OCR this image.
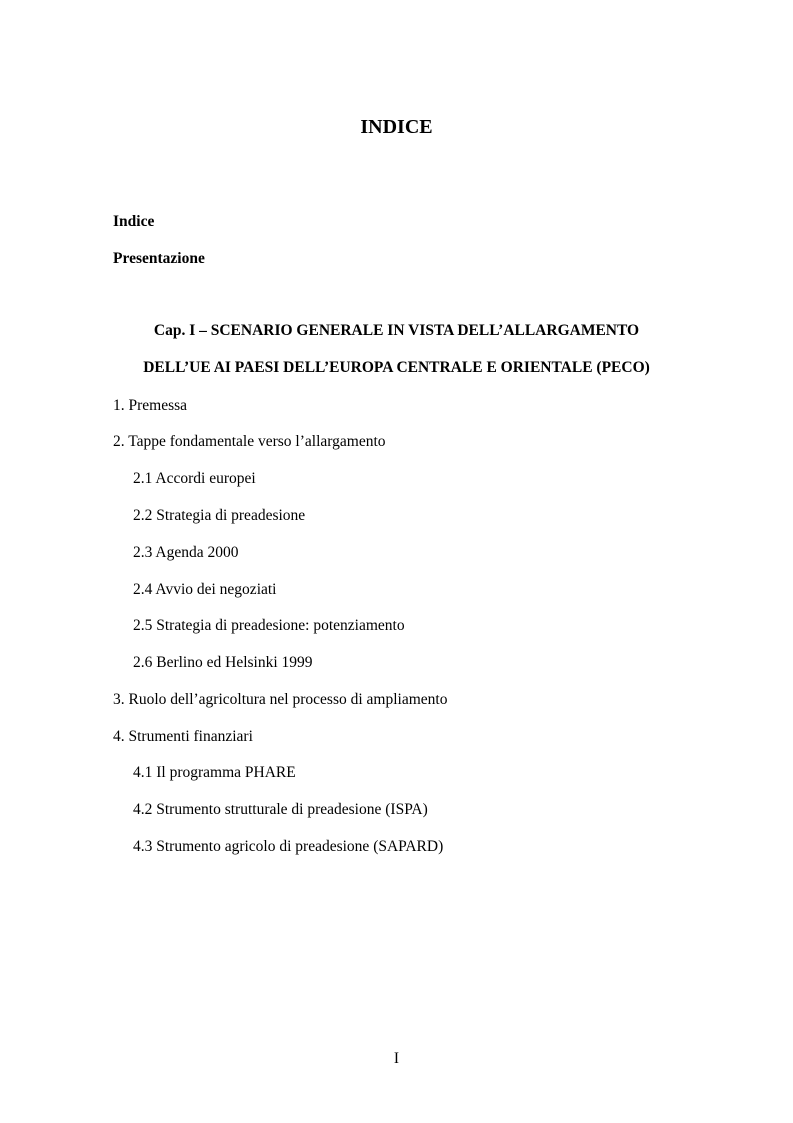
INDICE
Indice
Presentazione
Cap. I – SCENARIO GENERALE IN VISTA DELL’ALLARGAMENTO
DELL’UE AI PAESI DELL’EUROPA CENTRALE E ORIENTALE (PECO)
1. Premessa
2. Tappe fondamentale verso l’allargamento
2.1 Accordi europei
2.2 Strategia di preadesione
2.3 Agenda 2000
2.4 Avvio dei negoziati
2.5 Strategia di preadesione: potenziamento
2.6 Berlino ed Helsinki 1999
3. Ruolo dell’agricoltura nel processo di ampliamento
4. Strumenti finanziari
4.1 Il programma PHARE
4.2 Strumento strutturale di preadesione (ISPA)
4.3 Strumento agricolo di preadesione (SAPARD)
I
